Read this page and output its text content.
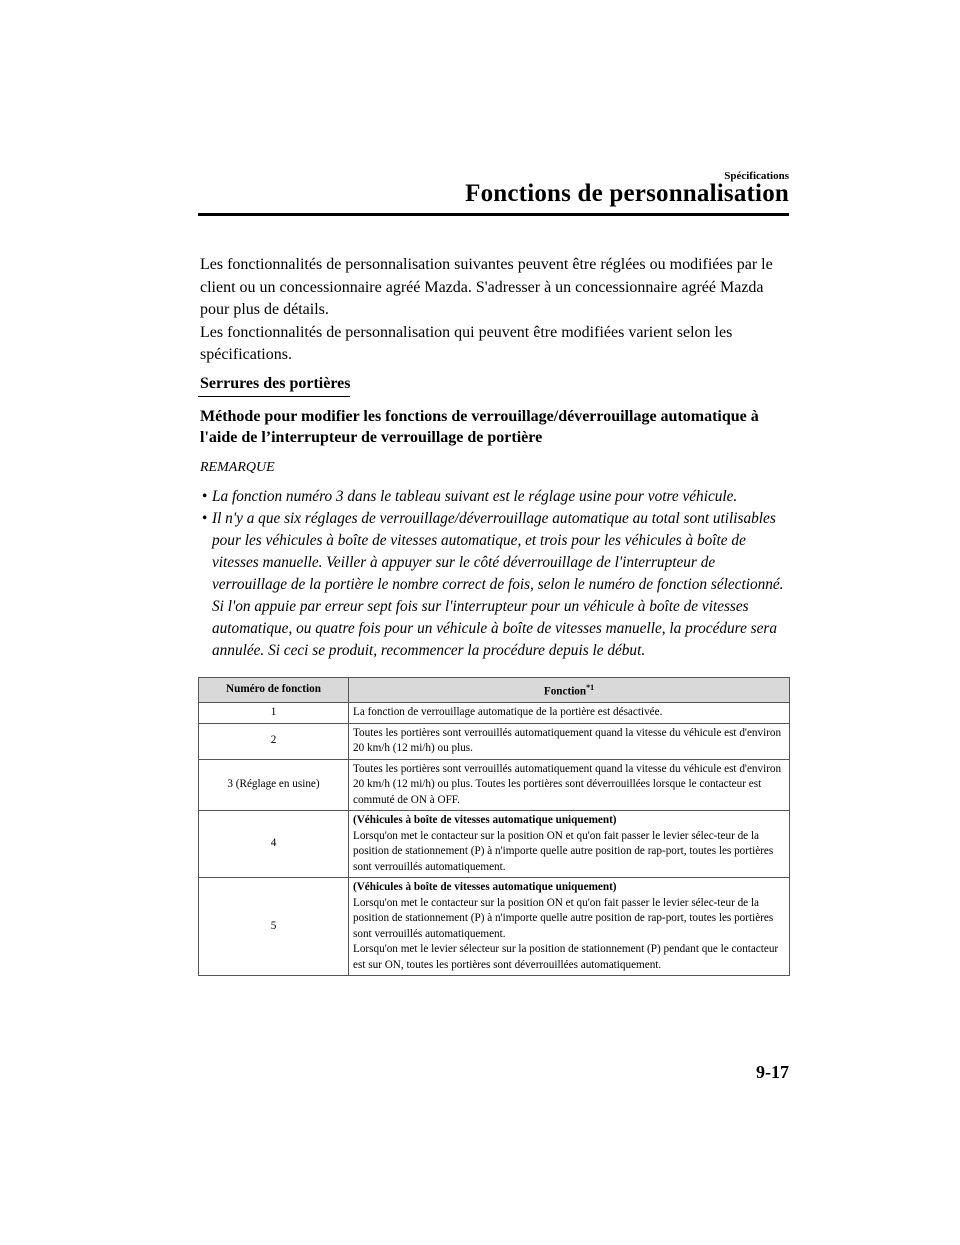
Spécifications
Fonctions de personnalisation

Les fonctionnalités de personnalisation suivantes peuvent être réglées ou modifiées par le client ou un concessionnaire agréé Mazda. S'adresser à un concessionnaire agréé Mazda pour plus de détails.

Les fonctionnalités de personnalisation qui peuvent être modifiées varient selon les spécifications.

Serrures des portières
Méthode pour modifier les fonctions de verrouillage/déverrouillage automatique à l'aide de l’interrupteur de verrouillage de portière
REMARQUE
• La fonction numéro 3 dans le tableau suivant est le réglage usine pour votre véhicule.
• Il n'y a que six réglages de verrouillage/déverrouillage automatique au total sont utilisables pour les véhicules à boîte de vitesses automatique, et trois pour les véhicules à boîte de vitesses manuelle. Veiller à appuyer sur le côté déverrouillage de l'interrupteur de verrouillage de la portière le nombre correct de fois, selon le numéro de fonction sélectionné. Si l'on appuie par erreur sept fois sur l'interrupteur pour un véhicule à boîte de vitesses automatique, ou quatre fois pour un véhicule à boîte de vitesses manuelle, la procédure sera annulée. Si ceci se produit, recommencer la procédure depuis le début.
Numéro de fonction	Fonction$^{*1}$
1	La fonction de verrouillage automatique de la portière est désactivée.

2	Toutes les portières sont verrouillés automatiquement quand la vitesse du véhicule est d'environ 20 km/h (12 mi/h) ou plus.

3 (Réglage en usine)	Toutes les portières sont verrouillés automatiquement quand la vitesse du véhicule est d'environ 20 km/h (12 mi/h) ou plus. Toutes les portières sont déverrouillées lorsque le contacteur est commuté de ON à OFF.

4	(Véhicules à boîte de vitesses automatique uniquement)
Lorsqu'on met le contacteur sur la position ON et qu'on fait passer le levier sélec-teur de la position de stationnement (P) à n'importe quelle autre position de rap-port, toutes les portières sont verrouillés automatiquement.

5	(Véhicules à boîte de vitesses automatique uniquement)
Lorsqu'on met le contacteur sur la position ON et qu'on fait passer le levier sélec-teur de la position de stationnement (P) à n'importe quelle autre position de rap-port, toutes les portières sont verrouillés automatiquement.
Lorsqu'on met le levier sélecteur sur la position de stationnement (P) pendant que le contacteur est sur ON, toutes les portières sont déverrouillées automatiquement.
9-17
